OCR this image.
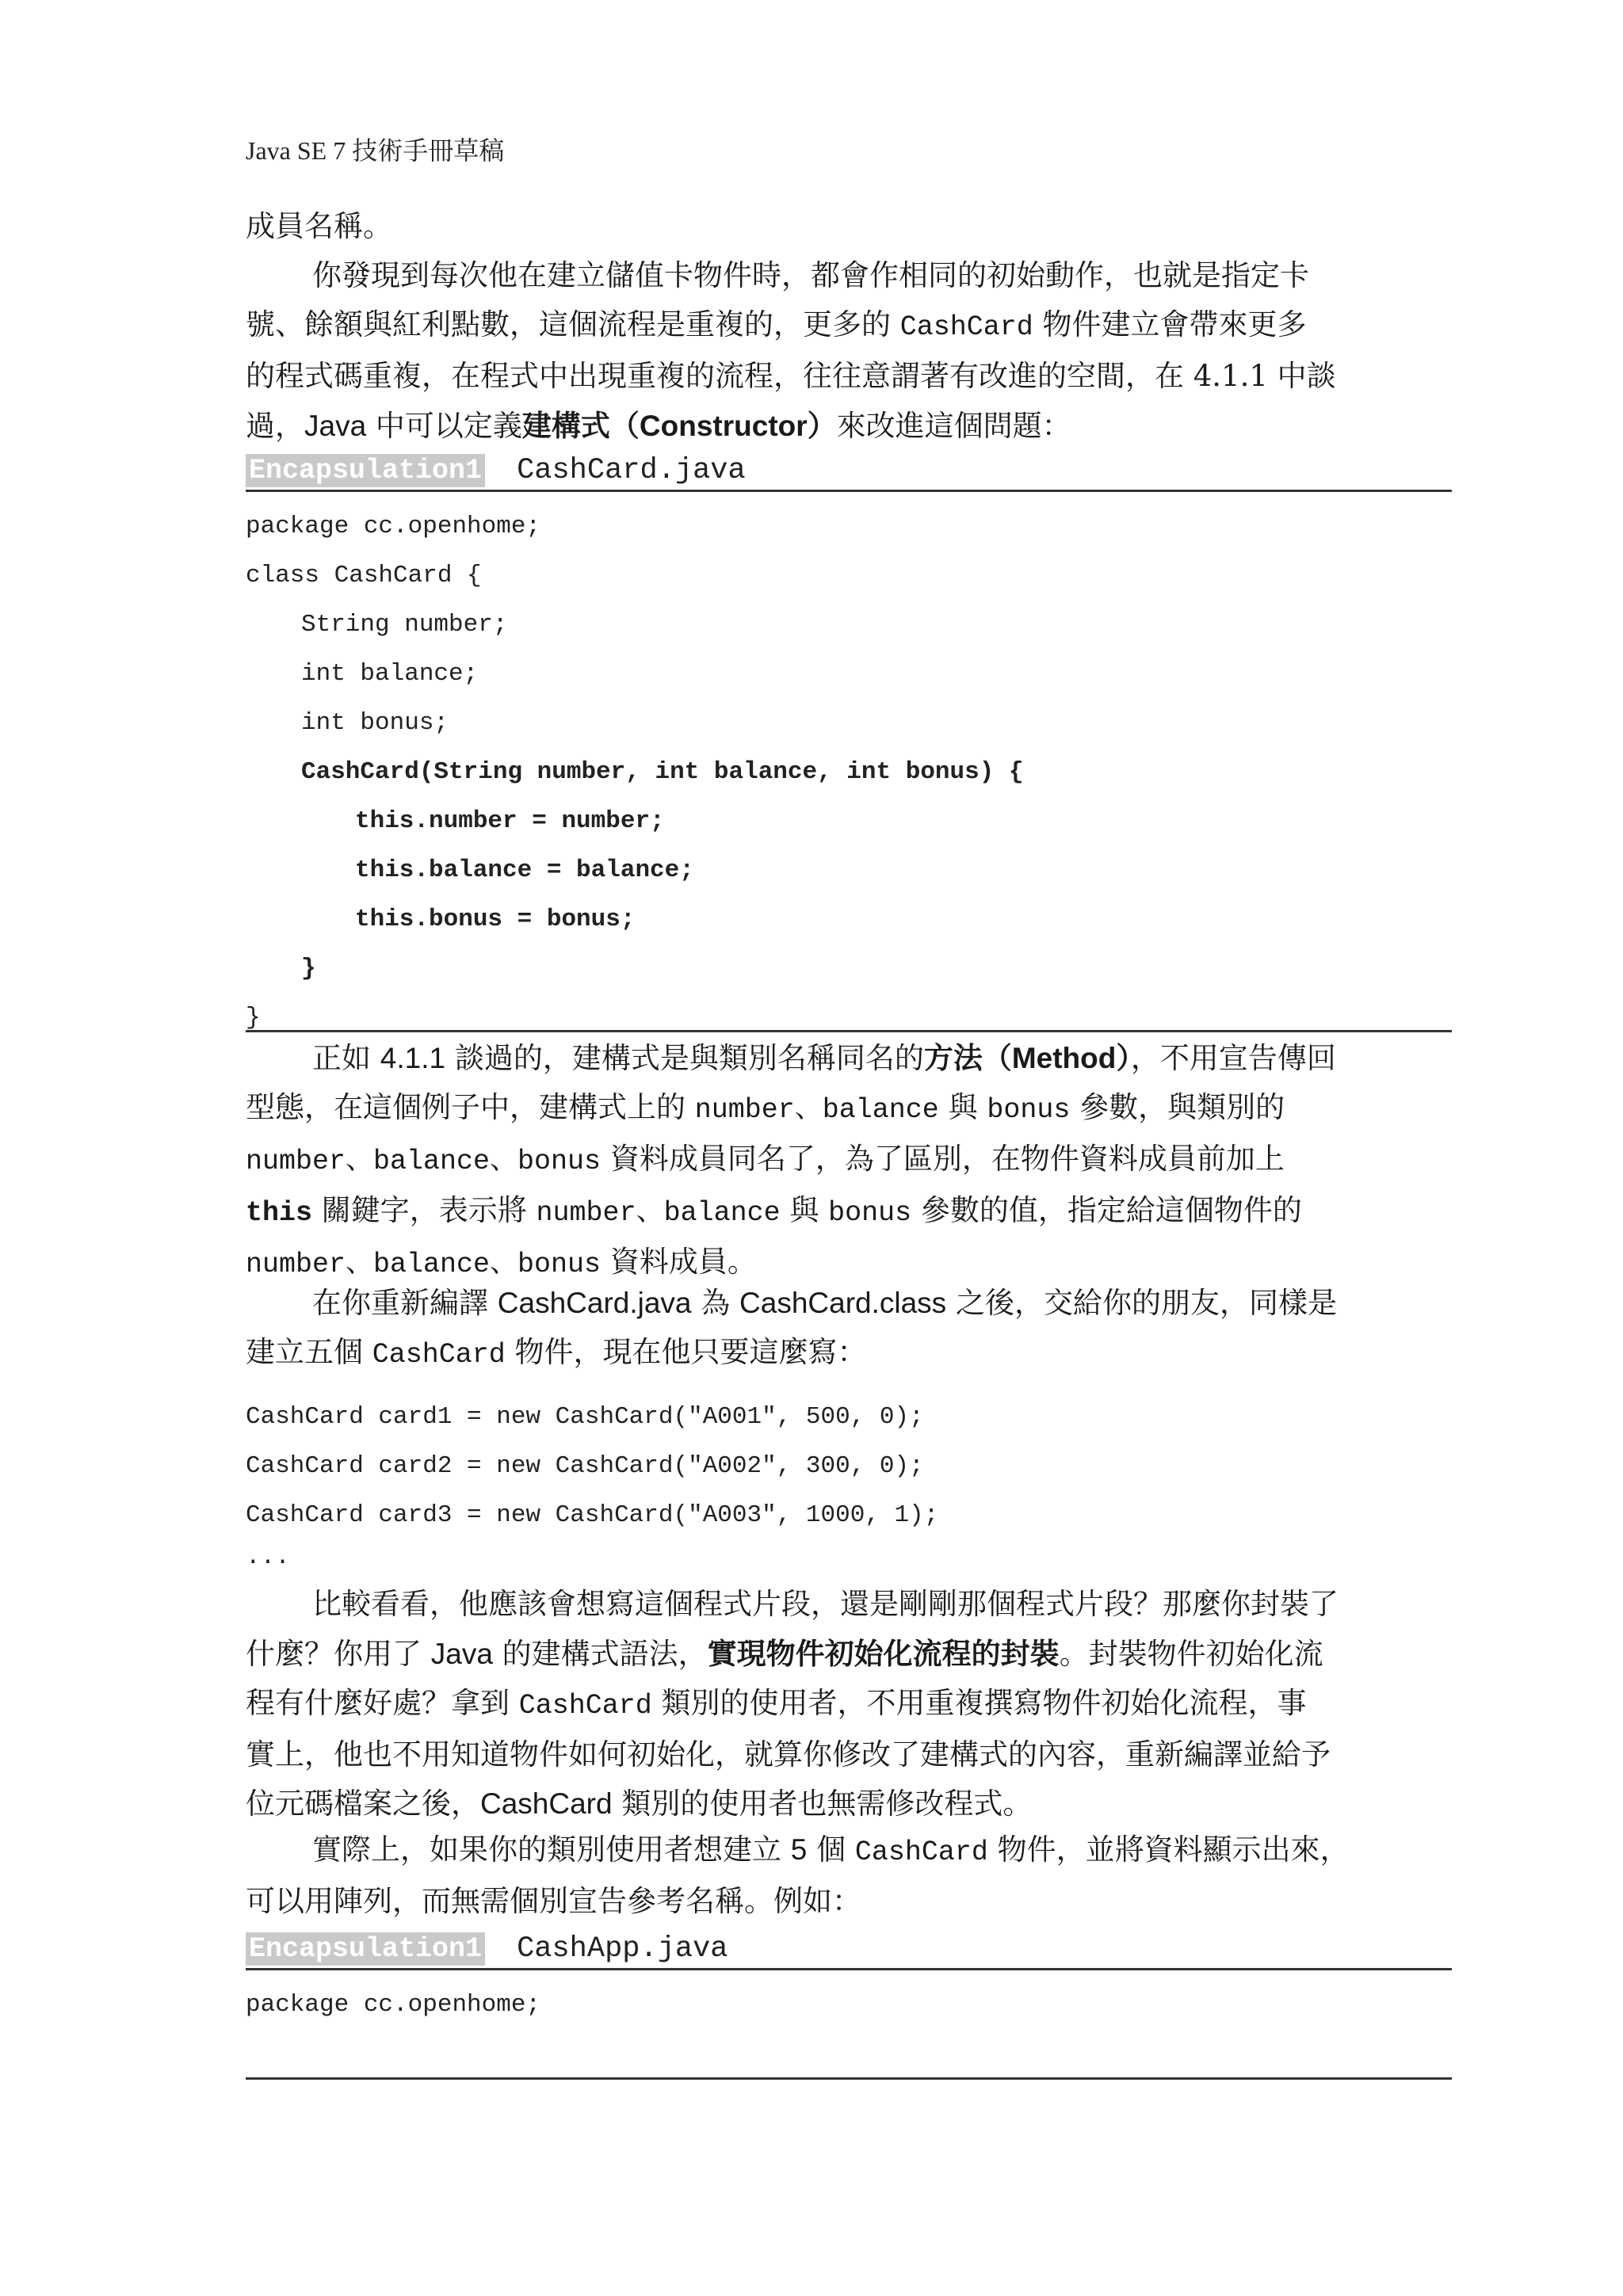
Java SE 7 技術手冊草稿
成員名稱。
你發現到每次他在建立儲值卡物件時，都會作相同的初始動作，也就是指定卡
號、餘額與紅利點數，這個流程是重複的，更多的 CashCard 物件建立會帶來更多
的程式碼重複，在程式中出現重複的流程，往往意謂著有改進的空間，在 4.1.1 中談
過，Java 中可以定義建構式（Constructor）來改進這個問題：
Encapsulation1 CashCard.java
package cc.openhome;
class CashCard {
String number;
int balance;
int bonus;
CashCard(String number, int balance, int bonus) {
this.number = number;
this.balance = balance;
this.bonus = bonus;
}
}
正如 4.1.1 談過的，建構式是與類別名稱同名的方法（Method），不用宣告傳回
型態，在這個例子中，建構式上的 number、balance 與 bonus 參數，與類別的
number、balance、bonus 資料成員同名了，為了區別，在物件資料成員前加上
this 關鍵字，表示將 number、balance 與 bonus 參數的值，指定給這個物件的
number、balance、bonus 資料成員。
在你重新編譯 CashCard.java 為 CashCard.class 之後，交給你的朋友，同樣是
建立五個 CashCard 物件，現在他只要這麼寫：
CashCard card1 = new CashCard("A001", 500, 0);
CashCard card2 = new CashCard("A002", 300, 0);
CashCard card3 = new CashCard("A003", 1000, 1);
...
比較看看，他應該會想寫這個程式片段，還是剛剛那個程式片段？那麼你封裝了
什麼？你用了 Java 的建構式語法，實現物件初始化流程的封裝。封裝物件初始化流
程有什麼好處？拿到 CashCard 類別的使用者，不用重複撰寫物件初始化流程，事
實上，他也不用知道物件如何初始化，就算你修改了建構式的內容，重新編譯並給予
位元碼檔案之後，CashCard 類別的使用者也無需修改程式。
實際上，如果你的類別使用者想建立 5 個 CashCard 物件，並將資料顯示出來，
可以用陣列，而無需個別宣告參考名稱。例如：
Encapsulation1 CashApp.java
package cc.openhome;
